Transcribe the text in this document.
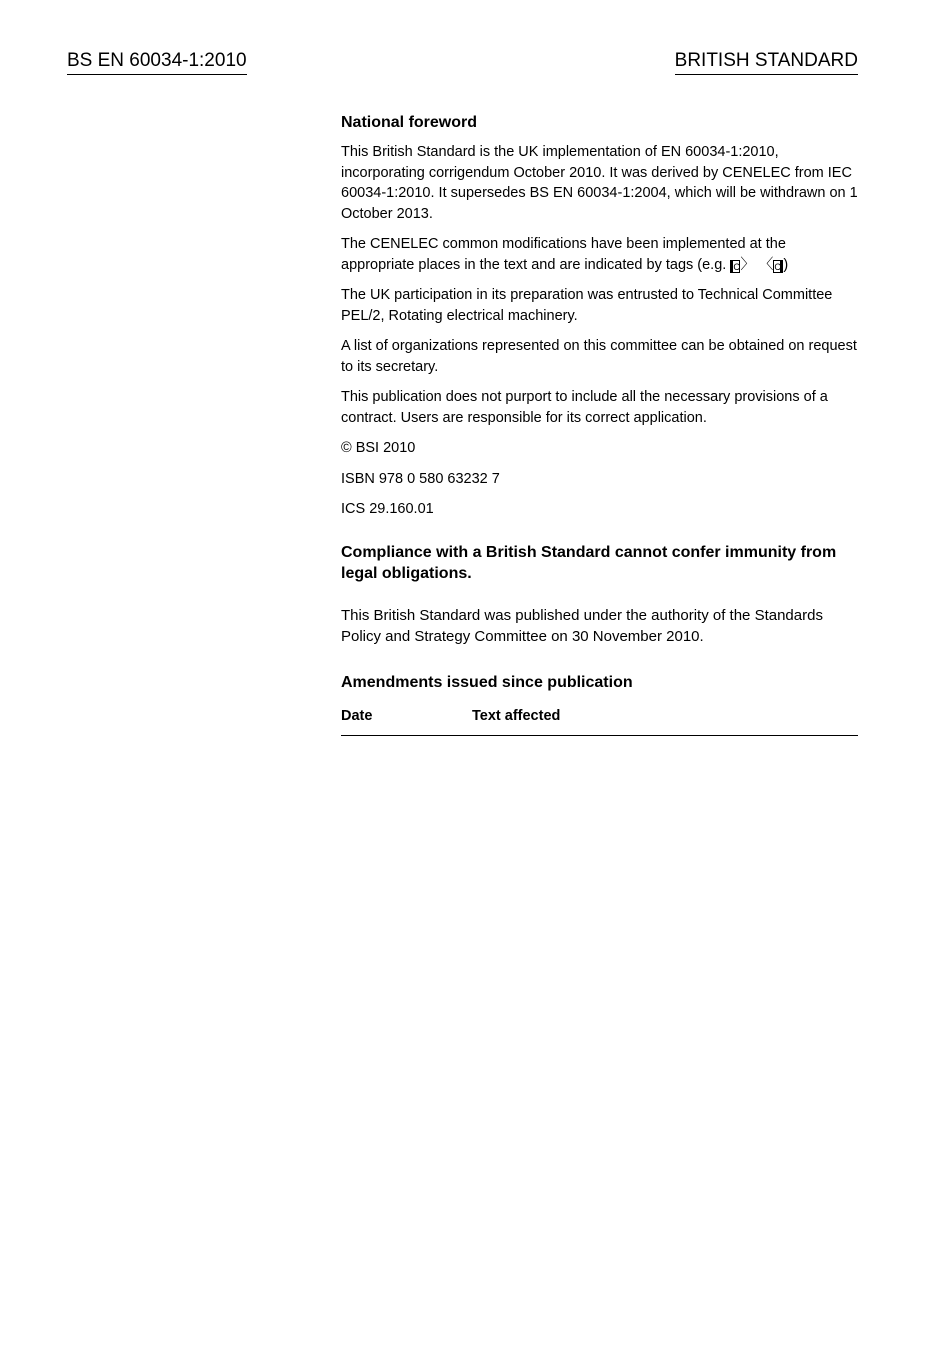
BS EN 60034-1:2010	BRITISH STANDARD
National foreword

This British Standard is the UK implementation of EN 60034-1:2010, incorporating corrigendum October 2010. It was derived by CENELEC from IEC 60034-1:2010. It supersedes BS EN 60034-1:2004, which will be withdrawn on 1 October 2013.

The CENELEC common modifications have been implemented at the appropriate places in the text and are indicated by tags (e.g. C〉 〈C )

The UK participation in its preparation was entrusted to Technical Committee PEL/2, Rotating electrical machinery.

A list of organizations represented on this committee can be obtained on request to its secretary.

This publication does not purport to include all the necessary provisions of a contract. Users are responsible for its correct application.

© BSI 2010

ISBN 978 0 580 63232 7

ICS 29.160.01

Compliance with a British Standard cannot confer immunity from legal obligations.

This British Standard was published under the authority of the Standards Policy and Strategy Committee on 30 November 2010.

Amendments issued since publication
Date	Text affected
